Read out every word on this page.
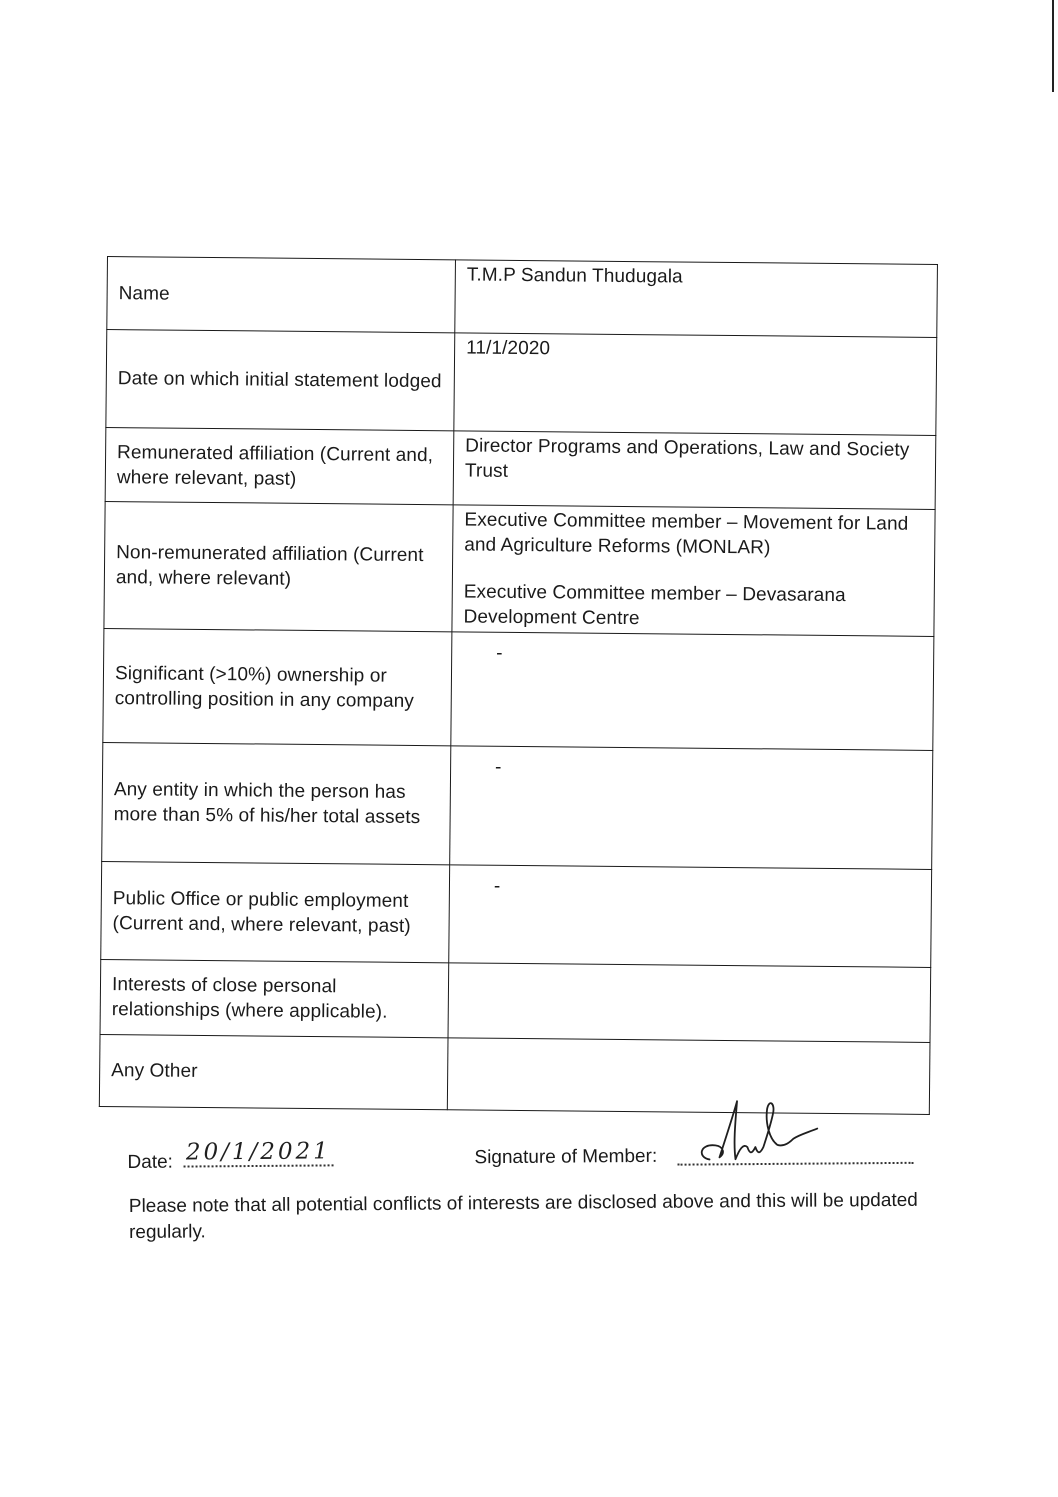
Name	T.M.P Sandun Thudugala

Date on which initial statement lodged	11/1/2020

Remunerated affiliation (Current and, where relevant, past)	Director Programs and Operations, Law and Society Trust

Non-remunerated affiliation (Current and, where relevant)	Executive Committee member – Movement for Land and Agriculture Reforms (MONLAR)
Executive Committee member – Devasarana Development Centre

Significant (>10%) ownership or controlling position in any company	-
Any entity in which the person has more than 5% of his/her total assets	-
Public Office or public employment (Current and, where relevant, past)	-
Interests of close personal relationships (where applicable).	
Any Other	
Date: 20/1/2021	Signature of Member:

Please note that all potential conflicts of interests are disclosed above and this will be updated regularly.
